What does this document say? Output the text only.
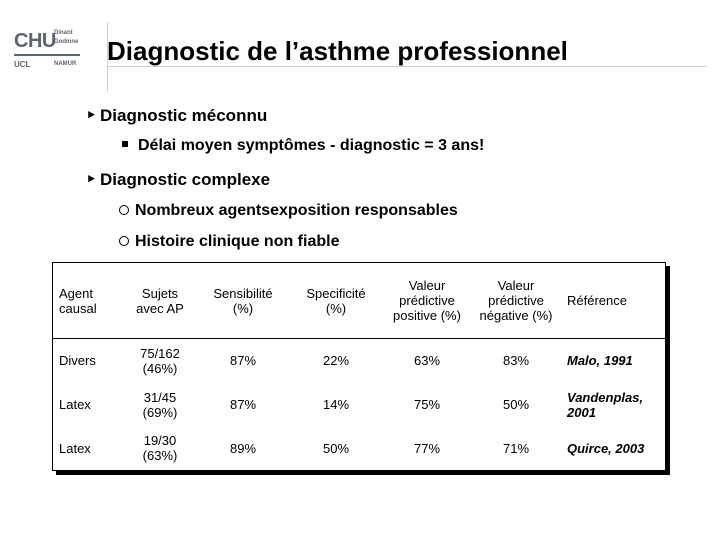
CHU
Dinant
Godinne
UCL	NAMUR Diagnostic de l’asthme professionnel
‣ Diagnostic méconnu
Délai moyen symptômes - diagnostic = 3 ans!
‣ Diagnostic complexe
Nombreux agentsexposition responsables
Histoire clinique non fiable
Agent causal	Sujets avec AP	Sensibilité (%)	Specificité (%)	Valeur prédictive positive (%)	Valeur prédictive négative (%)	Référence
Divers	75/162 (46%)	87%	22%	63%	83%	Malo, 1991
Latex	31/45 (69%)	87%	14%	75%	50%	Vandenplas, 2001
Latex	19/30 (63%)	89%	50%	77%	71%	Quirce, 2003
